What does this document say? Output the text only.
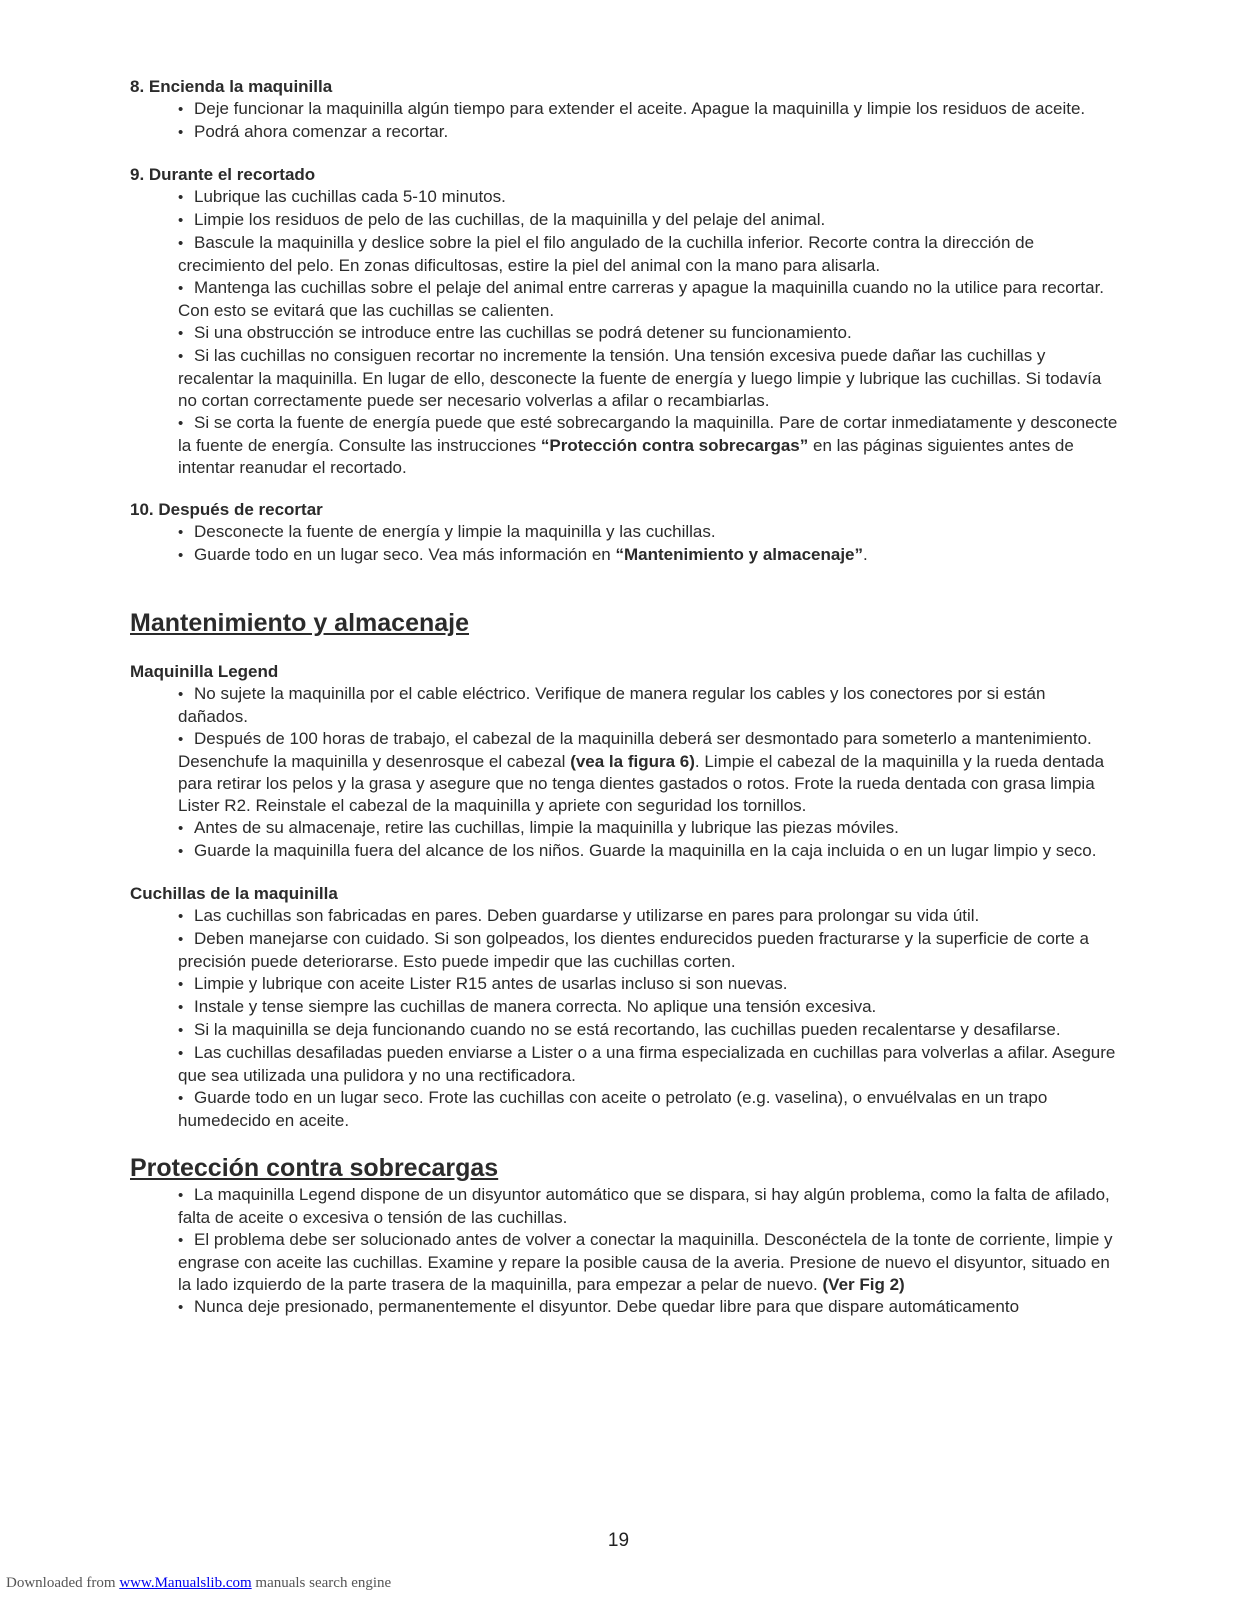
8. Encienda la maquinilla

• Deje funcionar la maquinilla algún tiempo para extender el aceite. Apague la maquinilla y limpie los residuos de aceite.
• Podrá ahora comenzar a recortar.

9. Durante el recortado

• Lubrique las cuchillas cada 5-10 minutos.
• Limpie los residuos de pelo de las cuchillas, de la maquinilla y del pelaje del animal.
• Bascule la maquinilla y deslice sobre la piel el filo angulado de la cuchilla inferior. Recorte contra la dirección de crecimiento del pelo. En zonas dificultosas, estire la piel del animal con la mano para alisarla.
• Mantenga las cuchillas sobre el pelaje del animal entre carreras y apague la maquinilla cuando no la utilice para recortar. Con esto se evitará que las cuchillas se calienten.
• Si una obstrucción se introduce entre las cuchillas se podrá detener su funcionamiento.
• Si las cuchillas no consiguen recortar no incremente la tensión. Una tensión excesiva puede dañar las cuchillas y recalentar la maquinilla. En lugar de ello, desconecte la fuente de energía y luego limpie y lubrique las cuchillas. Si todavía no cortan correctamente puede ser necesario volverlas a afilar o recambiarlas.
• Si se corta la fuente de energía puede que esté sobrecargando la maquinilla. Pare de cortar inmediatamente y desconecte la fuente de energía. Consulte las instrucciones “Protección contra sobrecargas” en las páginas siguientes antes de intentar reanudar el recortado.

10. Después de recortar

• Desconecte la fuente de energía y limpie la maquinilla y las cuchillas.
• Guarde todo en un lugar seco. Vea más información en “Mantenimiento y almacenaje”.
Mantenimiento y almacenaje

Maquinilla Legend

• No sujete la maquinilla por el cable eléctrico. Verifique de manera regular los cables y los conectores por si están dañados.
• Después de 100 horas de trabajo, el cabezal de la maquinilla deberá ser desmontado para someterlo a mantenimiento. Desenchufe la maquinilla y desenrosque el cabezal (vea la figura 6). Limpie el cabezal de la maquinilla y la rueda dentada para retirar los pelos y la grasa y asegure que no tenga dientes gastados o rotos. Frote la rueda dentada con grasa limpia Lister R2. Reinstale el cabezal de la maquinilla y apriete con seguridad los tornillos.
• Antes de su almacenaje, retire las cuchillas, limpie la maquinilla y lubrique las piezas móviles.
• Guarde la maquinilla fuera del alcance de los niños. Guarde la maquinilla en la caja incluida o en un lugar limpio y seco.

Cuchillas de la maquinilla

• Las cuchillas son fabricadas en pares. Deben guardarse y utilizarse en pares para prolongar su vida útil.
• Deben manejarse con cuidado. Si son golpeados, los dientes endurecidos pueden fracturarse y la superficie de corte a precisión puede deteriorarse. Esto puede impedir que las cuchillas corten.
• Limpie y lubrique con aceite Lister R15 antes de usarlas incluso si son nuevas.
• Instale y tense siempre las cuchillas de manera correcta. No aplique una tensión excesiva.
• Si la maquinilla se deja funcionando cuando no se está recortando, las cuchillas pueden recalentarse y desafilarse.
• Las cuchillas desafiladas pueden enviarse a Lister o a una firma especializada en cuchillas para volverlas a afilar. Asegure que sea utilizada una pulidora y no una rectificadora.
• Guarde todo en un lugar seco. Frote las cuchillas con aceite o petrolato (e.g. vaselina), o envuélvalas en un trapo humedecido en aceite.
Protección contra sobrecargas
• La maquinilla Legend dispone de un disyuntor automático que se dispara, si hay algún problema, como la falta de afilado, falta de aceite o excesiva o tensión de las cuchillas.
• El problema debe ser solucionado antes de volver a conectar la maquinilla. Desconéctela de la tonte de corriente, limpie y engrase con aceite las cuchillas. Examine y repare la posible causa de la averia. Presione de nuevo el disyuntor, situado en la lado izquierdo de la parte trasera de la maquinilla, para empezar a pelar de nuevo. (Ver Fig 2)
• Nunca deje presionado, permanentemente el disyuntor. Debe quedar libre para que dispare automáticamento
19
Downloaded from www.Manualslib.com manuals search engine
